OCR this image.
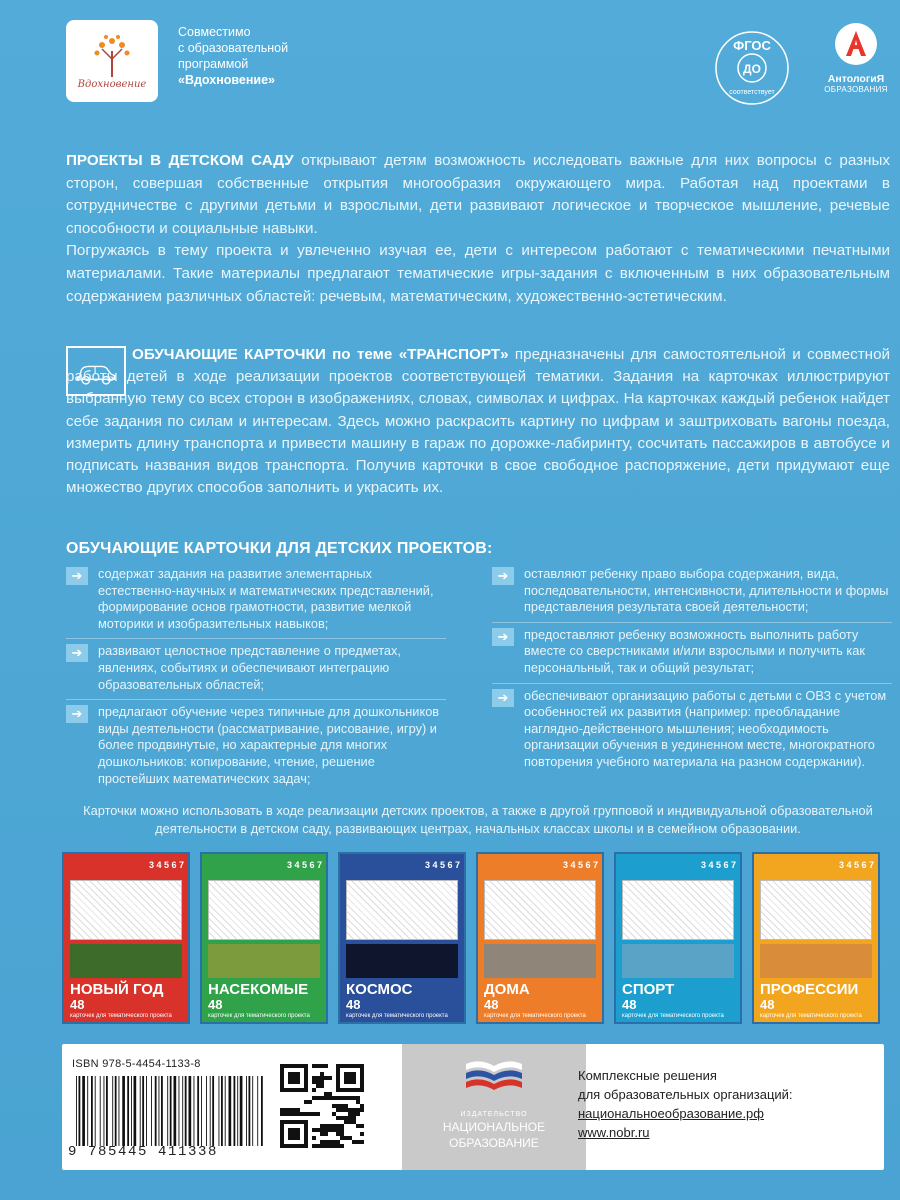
Вдохновение
Совместимо
с образовательной
программой
«Вдохновение»
ФГОС
ДО
соответствует
АнтологиЯ
ОБРАЗОВАНИЯ

ПРОЕКТЫ В ДЕТСКОМ САДУ открывают детям возможность исследовать важные для них вопросы с разных сторон, совершая собственные открытия многообразия окружающего мира. Работая над проектами в сотрудничестве с другими детьми и взрослыми, дети развивают логическое и творческое мышление, речевые способности и социальные навыки.

Погружаясь в тему проекта и увлеченно изучая ее, дети с интересом работают с тематическими печатными материалами. Такие материалы предлагают тематические игры-задания с включенным в них образовательным содержанием различных областей: речевым, математическим, художественно-эстетическим.

ОБУЧАЮЩИЕ КАРТОЧКИ по теме «ТРАНСПОРТ» предназначены для самостоятельной и совместной работы детей в ходе реализации проектов соответствующей тематики. Задания на карточках иллюстрируют выбранную тему со всех сторон в изображениях, словах, символах и цифрах. На карточках каждый ребенок найдет себе задания по силам и интересам. Здесь можно раскрасить картину по цифрам и заштриховать вагоны поезда, измерить длину транспорта и привести машину в гараж по дорожке-лабиринту, сосчитать пассажиров в автобусе и подписать названия видов транспорта. Получив карточки в свое свободное распоряжение, дети придумают еще множество других способов заполнить и украсить их.
ОБУЧАЮЩИЕ КАРТОЧКИ ДЛЯ ДЕТСКИХ ПРОЕКТОВ:
➔	содержат задания на развитие элементарных естественно-научных и математических представлений, формирование основ грамотности, развитие мелкой моторики и изобразительных навыков;
➔	развивают целостное представление о предметах, явлениях, событиях и обеспечивают интеграцию образовательных областей;
➔	предлагают обучение через типичные для дошкольников виды деятельности (рассматривание, рисование, игру) и более продвинутые, но характерные для многих дошкольников: копирование, чтение, решение простейших математических задач;
➔	оставляют ребенку право выбора содержания, вида, последовательности, интенсивности, длительности и формы представления результата своей деятельности;
➔	предоставляют ребенку возможность выполнить работу вместе со сверстниками и/или взрослыми и получить как персональный, так и общий результат;
➔	обеспечивают организацию работы с детьми с ОВЗ с учетом особенностей их развития (например: преобладание наглядно-действенного мышления; необходимость организации обучения в уединенном месте, многократного повторения учебного материала на разном содержании).
Карточки можно использовать в ходе реализации детских проектов, а также в другой групповой и индивидуальной образовательной деятельности в детском саду, развивающих центрах, начальных классах школы и в семейном образовании.
3 4 5 6 7
НОВЫЙ ГОД
48
карточек для тематического проекта
3 4 5 6 7
НАСЕКОМЫЕ
48
карточек для тематического проекта
3 4 5 6 7
КОСМОС
48
карточек для тематического проекта
3 4 5 6 7
ДОМА
48
карточек для тематического проекта
3 4 5 6 7
СПОРТ
48
карточек для тематического проекта
3 4 5 6 7
ПРОФЕССИИ
48
карточек для тематического проекта
ISBN 978-5-4454-1133-8
9 785445 411338
ИЗДАТЕЛЬСТВО
НАЦИОНАЛЬНОЕ
ОБРАЗОВАНИЕ
Комплексные решения
для образовательных организаций:
национальноеобразование.рф
www.nobr.ru
